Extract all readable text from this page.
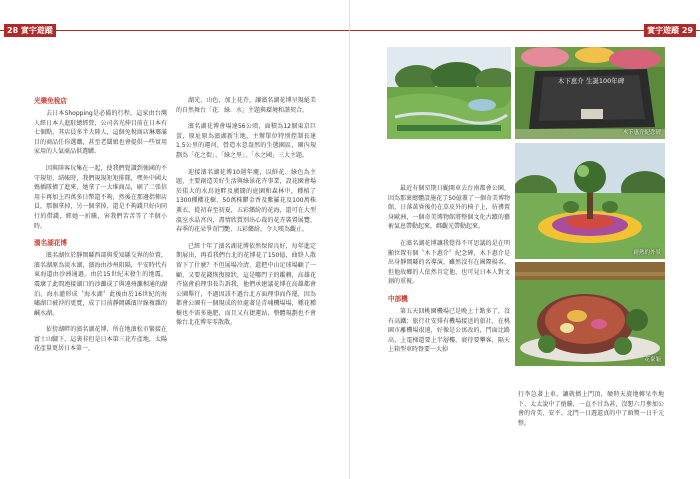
28 實宇遊蹤
光樂免稅店

去日本Shopping是必備的行程，這家由台灣人經日本人進駐總經營，公司名光伸目前在日本有七個點，其店員多半大陸人，這個免稅商店琳瑯滿目的商品任你選購，甚至老闆娘也會提供一些實用家用的人氣商品供選購。

因與陸客玩集在一起，使我們覺識到強國的不守規矩，結帳時，我們規規矩矩排隊，嘿外中國大媽插隊擠了進來，她拿了一大堆商品，刷了二張信用卡再加上四萬多日幣還不夠，然後在那邊指揮店員，那個拿掉，另一個拿掉，還是不夠錢只好向同行的借錢，經她一折騰，害我們苦苦等了半個小時。

濱名湖花博

濱名湖位於靜岡縣西部與愛知縣交界的位置，濱名湖原為淡水湖，濱海由沙州阻隔，平安時代有東海道由沙洲通過，由於15世紀末發生的地震，震壞了此間連接湖口的沙灘成了與遠州灘相通的湖泊，海水灌形成〝海水湖〞此後由於16世紀的海嘯湖口被沖的更寬，成了目前靜岡縣濱岸線複雜的鹹水湖。

依傍湖畔的濱名湖花博，所在地濱松市緊接在富士山腳下，這裏非但是日本第三花卉產地，太陽花產量更居日本第一，

湖光、山色，加上花卉，讓濱名湖花博呈現絕美的自然舞台「花．綠．水」主題與環境和諧契合。

濱名湖花博會場達56公頃，面積為12個東京巨蛋，原址原為濱湖新生地，主辦單位特別控制長達1.5公里的運河，營造水意盎然的生態園區，園內規劃為「花之街」、「綠之里」、「水之國」三大主題。

迎接濱名湖花博10週年慶，以鮮花、綠色為主題，主要創造美好生活與綠景花卉事業，設花園會場於偌大的水鳥池畔及廣闊的庭園和森林中，種植了1300種櫻花樹、50萬株鬱金香及紫羅花及100萬株薰衣，從初春至初夏，五彩繽紛的花海，還可在大型溫室水晶宮內，盡情欣賞別出心裁的花卉裝置展覽，春季的花朵爭奇鬥艷、五彩繽紛，令人嘆為觀止。

已經十年了濱名湖花博依然保留良好，每年進定期展出，再看我們台北的花博花了150億，曲終人散留下了什麼？不但展場冷清，還把中山足球場顧了一顧，又要花錢恢復原狀，這是哪門子的鑑轉，高雄花卉協會前理事長告訴我，他們承建議花博在高雄都會公園舉行，不過因該不過台北方面理事而作罷，因為都會公園有一個現成的位處著是青埔機場場，種花種樹也不需多施肥，而且又有捷運站，整體規劃也不會像台北花博零零散散。

實宇遊蹤 29
木下恵介 生誕100年碑
木下惠介紀念碑
耐熱的外景
花臺龜

最近有個星期日颱開車去台南都會公園，因為那裏總體設施花了50億蓋了一個奇美博物館，日落黃昏後仍在草皮外的椅子上，彷彿置身歐洲，一個奇美博物館將整個文化古蹟的藝術氣息帶動起來，綁觀光帶動起來。

在濱名湖花博讓我覺得不可思議的是在明顯位置有個〝木下惠介〞紀念碑，木下惠介是出身靜岡縣的名導演，雖然沒有在國際揚名，但他故鄉的人依然肯定他，也可見日本人對文創的重視。

中部機

第五天回桃園機場已是晚上十點多了，沒有高鐵；旅行社安排有機場接送的旅社，在桃園市離機場很遠，好像是公寓改的，門面比路高，上電梯還要上半層樓，寢待要攀客，隔天上箱型車時脊要一大掉

行李急著上車，讓就擠上門頂，硬時天旋地轉呆坐地下，太太說中了搶騰，一直不甘為甚，沒想六月參加公會的奇美、安平、北門一日遊還真的中了頭獎一日千元整。
